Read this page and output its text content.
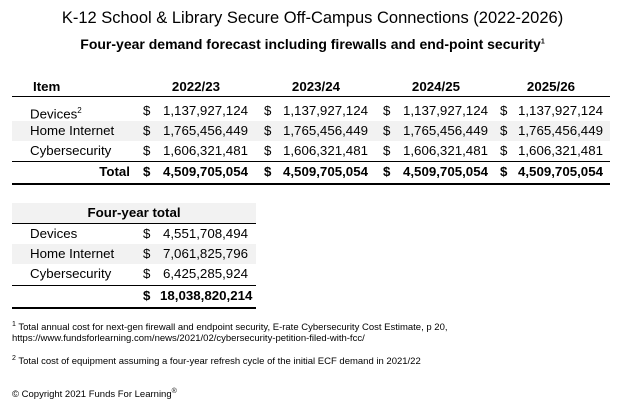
K-12 School & Library Secure Off-Campus Connections (2022-2026)
Four-year demand forecast including firewalls and end-point security$^1$
Item	2022/23	2023/24	2024/25	2025/26
Devices$^2$	$ 1,137,927,124 $ 1,137,927,124 $ 1,137,927,124 $ 1,137,927,124
Home Internet $ 1,765,456,449 $ 1,765,456,449 $ 1,765,456,449 $ 1,765,456,449
Cybersecurity $ 1,606,321,481 $ 1,606,321,481 $ 1,606,321,481 $ 1,606,321,481
Total $ 4,509,705,054 $ 4,509,705,054 $ 4,509,705,054 $ 4,509,705,054
Four-year total
Devices	$ 4,551,708,494
Home Internet $ 7,061,825,796
Cybersecurity $ 6,425,285,924
$ 18,038,820,214
$^1$ Total annual cost for next-gen firewall and endpoint security, E-rate Cybersecurity Cost Estimate, p 20,
https://www.fundsforlearning.com/news/2021/02/cybersecurity-petition-filed-with-fcc/
$^2$ Total cost of equipment assuming a four-year refresh cycle of the initial ECF demand in 2021/22
© Copyright 2021 Funds For Learning®
